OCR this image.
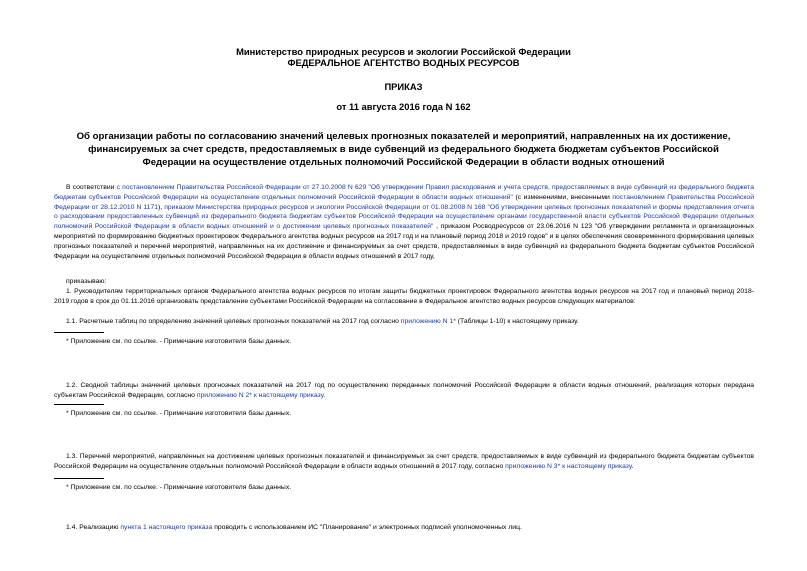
Министерство природных ресурсов и экологии Российской Федерации
ФЕДЕРАЛЬНОЕ АГЕНТСТВО ВОДНЫХ РЕСУРСОВ
ПРИКАЗ
от 11 августа 2016 года N 162
Об организации работы по согласованию значений целевых прогнозных показателей и мероприятий, направленных на их достижение, финансируемых за счет средств, предоставляемых в виде субвенций из федерального бюджета бюджетам субъектов Российской Федерации на осуществление отдельных полномочий Российской Федерации в области водных отношений
В соответствии с постановлением Правительства Российской Федерации от 27.10.2008 N 629 "Об утверждении Правил расходования и учета средств, предоставляемых в виде субвенций из федерального бюджета бюджетам субъектов Российской Федерации на осуществление отдельных полномочий Российской Федерации в области водных отношений" (с изменениями, внесенными постановлением Правительства Российской Федерации от 28.12.2010 N 1171), приказом Министерства природных ресурсов и экологии Российской Федерации от 01.08.2008 N 168 "Об утверждении целевых прогнозных показателей и формы представления отчета о расходовании предоставленных субвенций из федерального бюджета бюджетам субъектов Российской Федерации на осуществление органами государственной власти субъектов Российской Федерации отдельных полномочий Российской Федерации в области водных отношений и о достижении целевых прогнозных показателей" , приказом Росводресурсов от 23.06.2016 N 123 "Об утверждении регламента и организационных мероприятий по формированию бюджетных проектировок Федерального агентства водных ресурсов на 2017 год и на плановый период 2018 и 2019 годов" и в целях обеспечения своевременного формирования целевых прогнозных показателей и перечней мероприятий, направленных на их достижение и финансируемых за счет средств, предоставляемых в виде субвенций из федерального бюджета бюджетам субъектов Российской Федерации на осуществление отдельных полномочий Российской Федерации в области водных отношений в 2017 году,
приказываю:
1. Руководителям территориальных органов Федерального агентства водных ресурсов по итогам защиты бюджетных проектировок Федерального агентства водных ресурсов на 2017 год и плановый период 2018-2019 годов в срок до 01.11.2016 организовать представление субъектами Российской Федерации на согласование в Федеральное агентство водных ресурсов следующих материалов:
1.1. Расчетные таблиц по определению значений целевых прогнозных показателей на 2017 год согласно приложению N 1* (Таблицы 1-10) к настоящему приказу.
* Приложение см. по ссылке. - Примечание изготовителя базы данных.
1.2. Сводной таблицы значений целевых прогнозных показателей на 2017 год по осуществлению переданных полномочий Российской Федерации в области водных отношений, реализация которых передана субъектам Российской Федерации, согласно приложению N 2* к настоящему приказу.
* Приложение см. по ссылке. - Примечание изготовителя базы данных.
1.3. Перечней мероприятий, направленных на достижение целевых прогнозных показателей и финансируемых за счет средств, предоставляемых в виде субвенций из федерального бюджета бюджетам субъектов Российской Федерации на осуществление отдельных полномочий Российской Федерации в области водных отношений в 2017 году, согласно приложению N 3* к настоящему приказу.
* Приложение см. по ссылке. - Примечание изготовителя базы данных.
1.4. Реализацию пункта 1 настоящего приказа проводить с использованием ИС "Планирование" и электронных подписей уполномоченных лиц.
